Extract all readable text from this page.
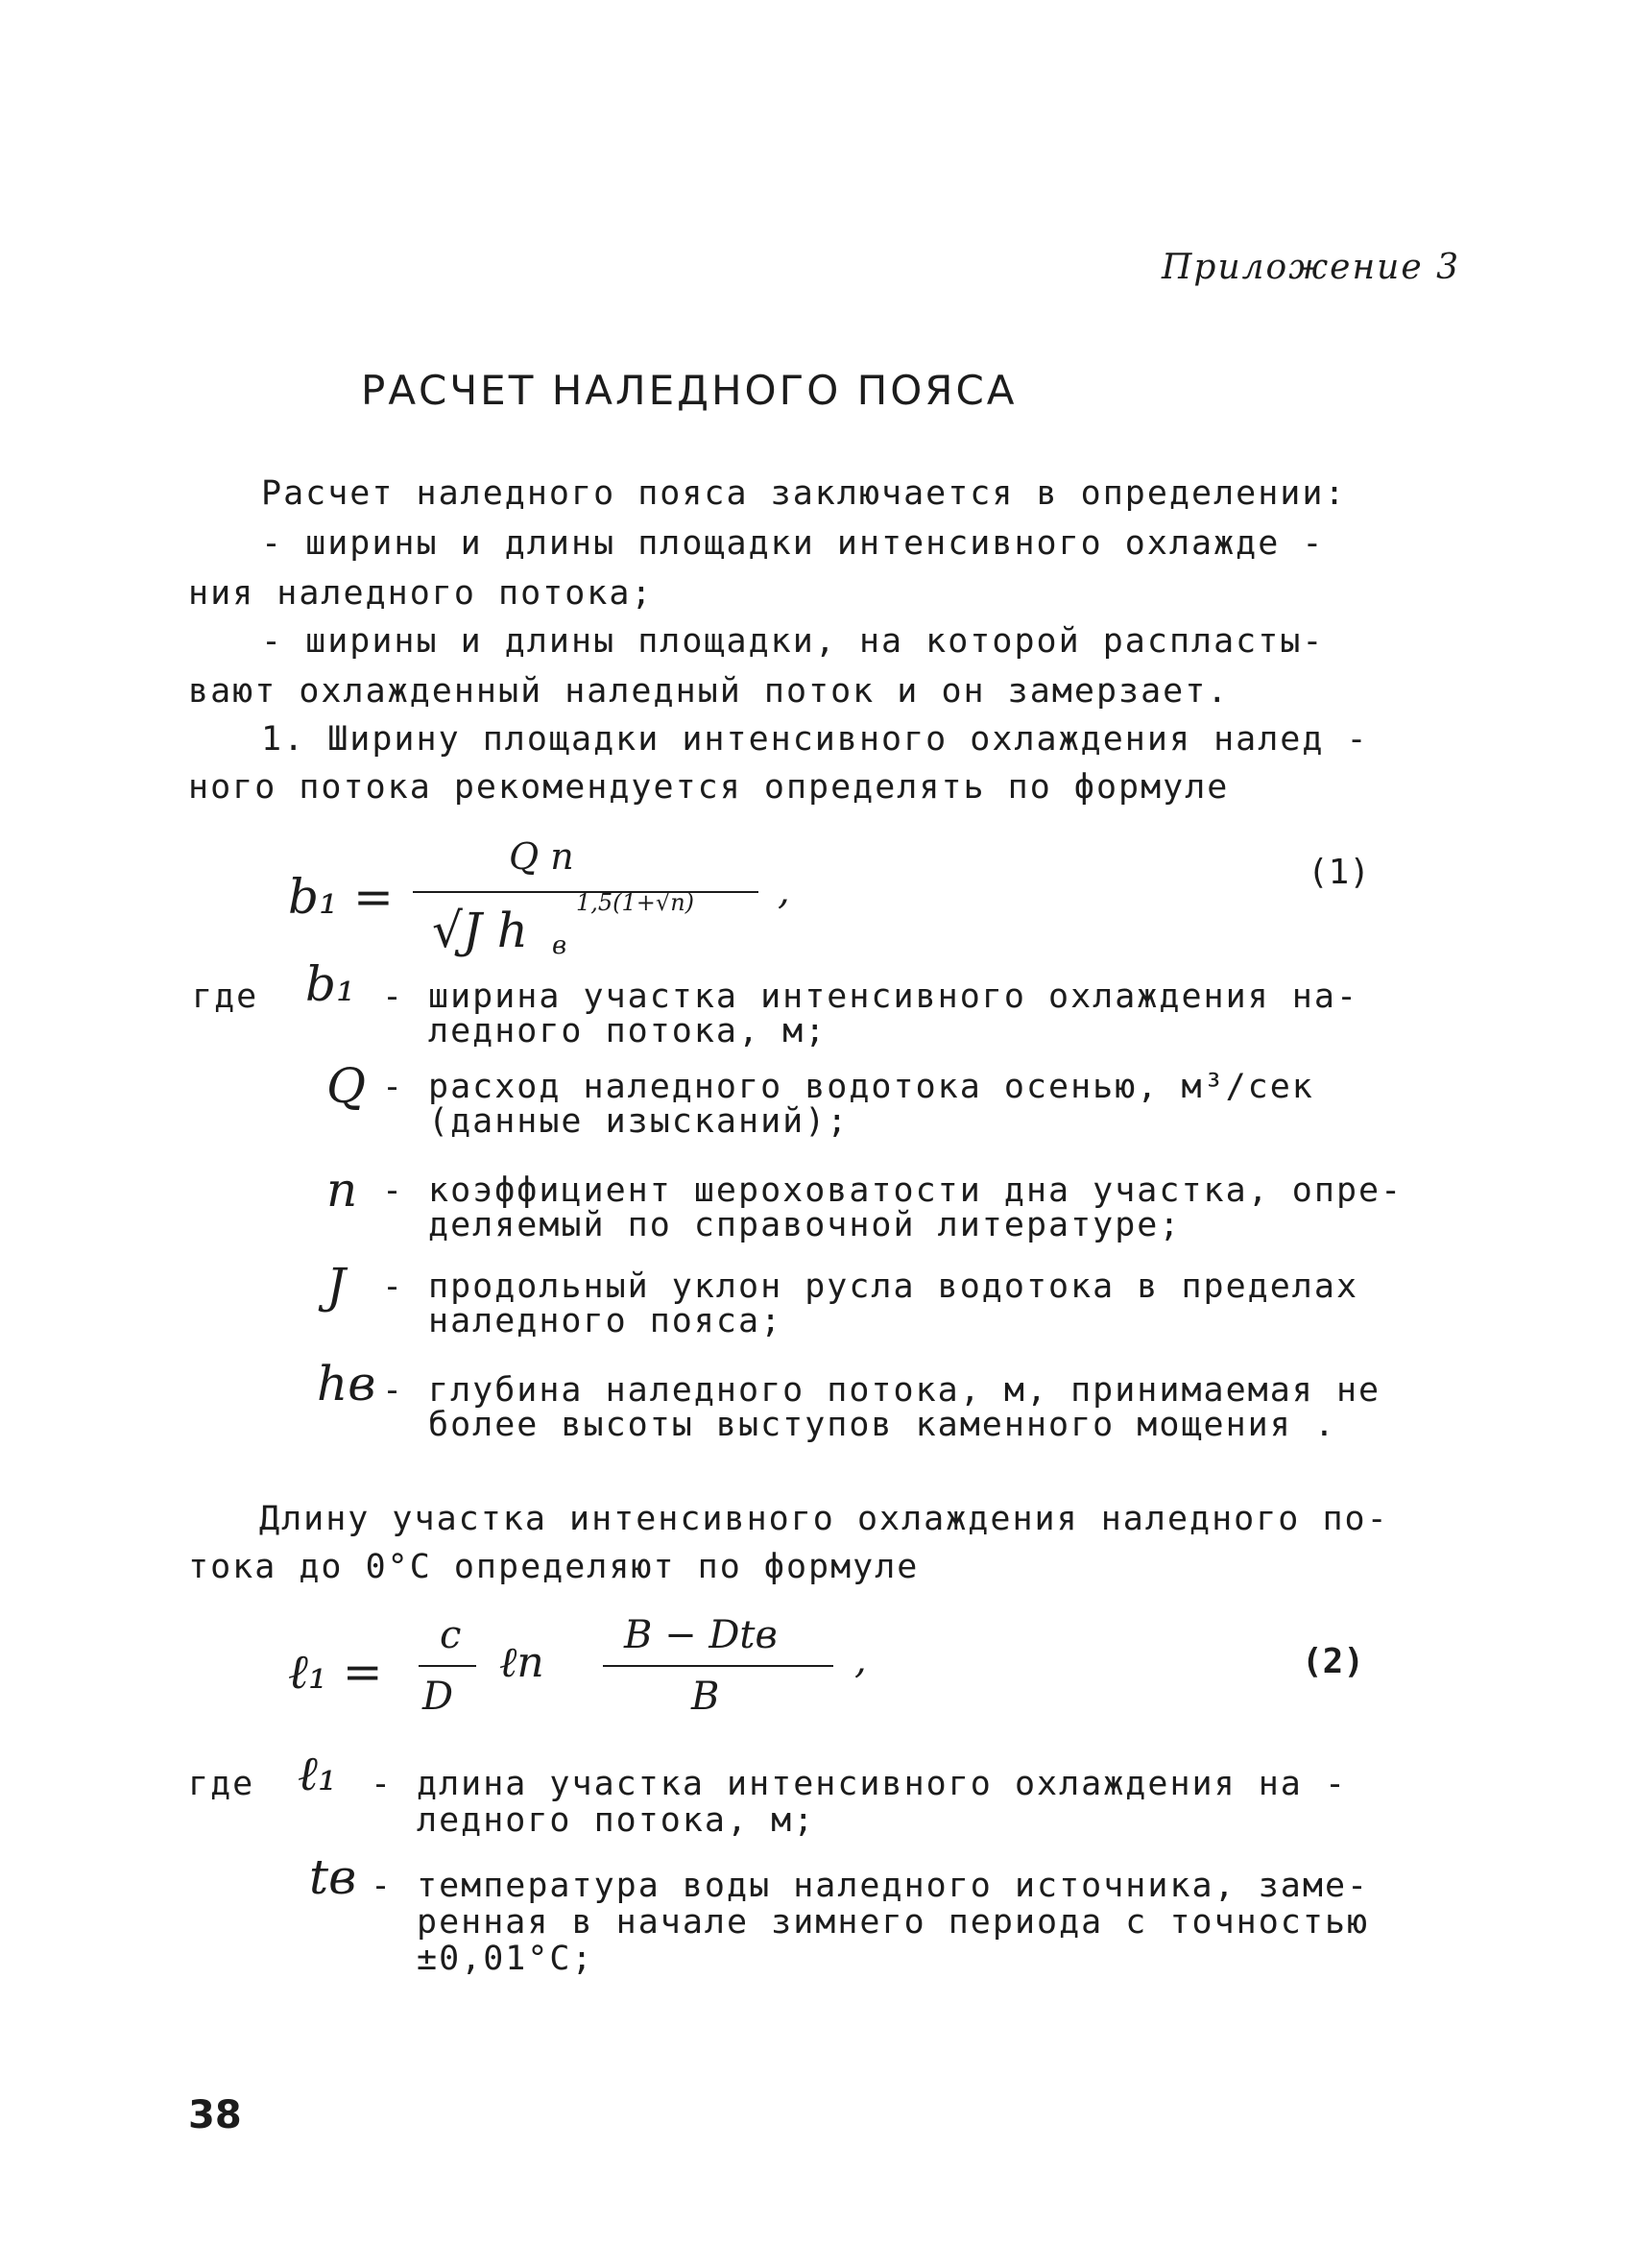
Приложение 3
РАСЧЕТ НАЛЕДНОГО ПОЯСА
Расчет наледного пояса заключается в определении:
- ширины и длины площадки интенсивного охлажде -
ния наледного потока;
- ширины и длины площадки, на которой распласты-
вают охлажденный наледный поток и он замерзает.
1. Ширину площадки интенсивного охлаждения налед -
ного потока рекомендуется определять по формуле
b₁ =
Q n
√J h в
1,5(1+√n) ,	(1)
где b₁ - ширина участка интенсивного охлаждения на-
ледного потока, м;
Q - расход наледного водотока осенью, м³/сек
(данные изысканий);
n - коэффициент шероховатости дна участка, опре-
деляемый по справочной литературе;
J - продольный уклон русла водотока в пределах
наледного пояса;
hв - глубина наледного потока, м, принимаемая не
более высоты выступов каменного мощения .
Длину участка интенсивного охлаждения наледного по-
тока до 0°С определяют по формуле
ℓ₁ =
c
D
ℓn
B − Dtв
B
,	(2)
где ℓ₁ - длина участка интенсивного охлаждения на -
ледного потока, м;
tв - температура воды наледного источника, заме-
ренная в начале зимнего периода с точностью
±0,01°С;
38
